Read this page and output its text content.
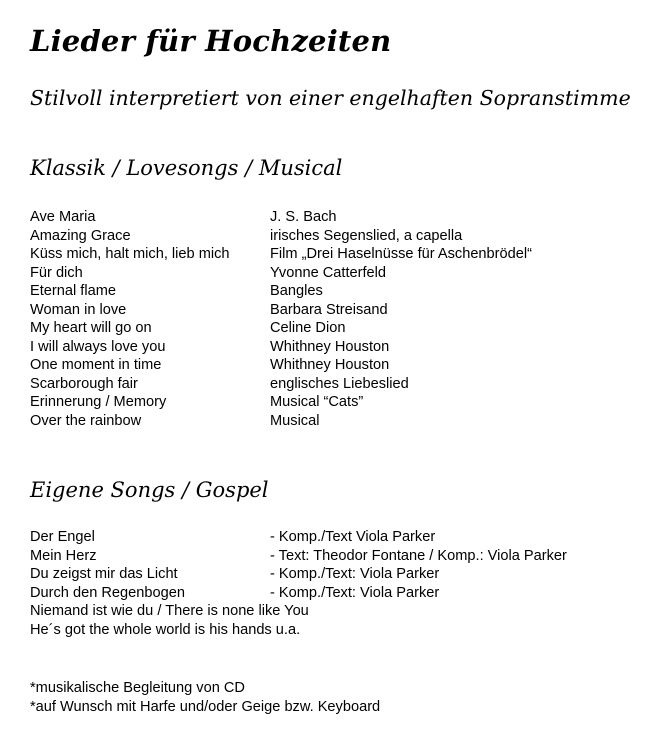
Lieder für Hochzeiten
Stilvoll interpretiert von einer engelhaften Sopranstimme
Klassik / Lovesongs / Musical
Ave Maria	J. S. Bach
Amazing Grace	irisches Segenslied, a capella
Küss mich, halt mich, lieb mich	Film „Drei Haselnüsse für Aschenbrödel“
Für dich	Yvonne Catterfeld
Eternal flame	Bangles
Woman in love	Barbara Streisand
My heart will go on	Celine Dion
I will always love you	Whithney Houston
One moment in time	Whithney Houston
Scarborough fair	englisches Liebeslied
Erinnerung / Memory	Musical “Cats”
Over the rainbow	Musical
Eigene Songs / Gospel
Der Engel	- Komp./Text Viola Parker
Mein Herz	- Text: Theodor Fontane / Komp.: Viola Parker
Du zeigst mir das Licht	- Komp./Text: Viola Parker
Durch den Regenbogen	- Komp./Text: Viola Parker
Niemand ist wie du / There is none like You
He´s got the whole world is his hands u.a.
*musikalische Begleitung von CD
*auf Wunsch mit Harfe und/oder Geige bzw. Keyboard
